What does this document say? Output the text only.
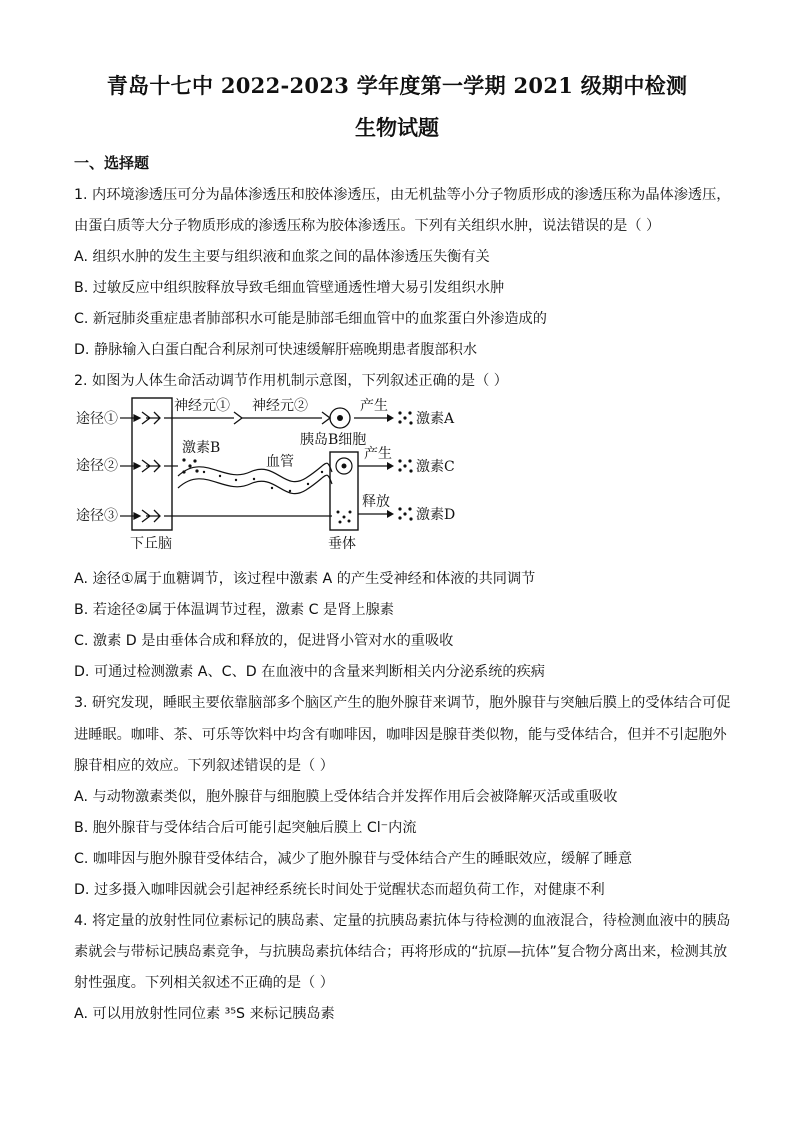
青岛十七中 2022-2023 学年度第一学期 2021 级期中检测
生物试题
一、选择题
1. 内环境渗透压可分为晶体渗透压和胶体渗透压，由无机盐等小分子物质形成的渗透压称为晶体渗透压，
由蛋白质等大分子物质形成的渗透压称为胶体渗透压。下列有关组织水肿，说法错误的是（ ）
A. 组织水肿的发生主要与组织液和血浆之间的晶体渗透压失衡有关
B. 过敏反应中组织胺释放导致毛细血管壁通透性增大易引发组织水肿
C. 新冠肺炎重症患者肺部积水可能是肺部毛细血管中的血浆蛋白外渗造成的
D. 静脉输入白蛋白配合利尿剂可快速缓解肝癌晚期患者腹部积水
2. 如图为人体生命活动调节作用机制示意图，下列叙述正确的是（ ）
途径①
途径②
途径③
下丘脑
神经元① 神经元②
胰岛B细胞
产生
激素A
激素B
血管
垂体
产生
激素C
释放
激素D
A. 途径①属于血糖调节，该过程中激素 A 的产生受神经和体液的共同调节
B. 若途径②属于体温调节过程，激素 C 是肾上腺素
C. 激素 D 是由垂体合成和释放的，促进肾小管对水的重吸收
D. 可通过检测激素 A、C、D 在血液中的含量来判断相关内分泌系统的疾病
3. 研究发现，睡眠主要依靠脑部多个脑区产生的胞外腺苷来调节，胞外腺苷与突触后膜上的受体结合可促
进睡眠。咖啡、茶、可乐等饮料中均含有咖啡因，咖啡因是腺苷类似物，能与受体结合，但并不引起胞外
腺苷相应的效应。下列叙述错误的是（ ）
A. 与动物激素类似，胞外腺苷与细胞膜上受体结合并发挥作用后会被降解灭活或重吸收
B. 胞外腺苷与受体结合后可能引起突触后膜上 Cl⁻内流
C. 咖啡因与胞外腺苷受体结合，减少了胞外腺苷与受体结合产生的睡眠效应，缓解了睡意
D. 过多摄入咖啡因就会引起神经系统长时间处于觉醒状态而超负荷工作，对健康不利
4. 将定量的放射性同位素标记的胰岛素、定量的抗胰岛素抗体与待检测的血液混合，待检测血液中的胰岛
素就会与带标记胰岛素竞争，与抗胰岛素抗体结合；再将形成的“抗原—抗体”复合物分离出来，检测其放
射性强度。下列相关叙述不正确的是（ ）
A. 可以用放射性同位素 ³⁵S 来标记胰岛素
